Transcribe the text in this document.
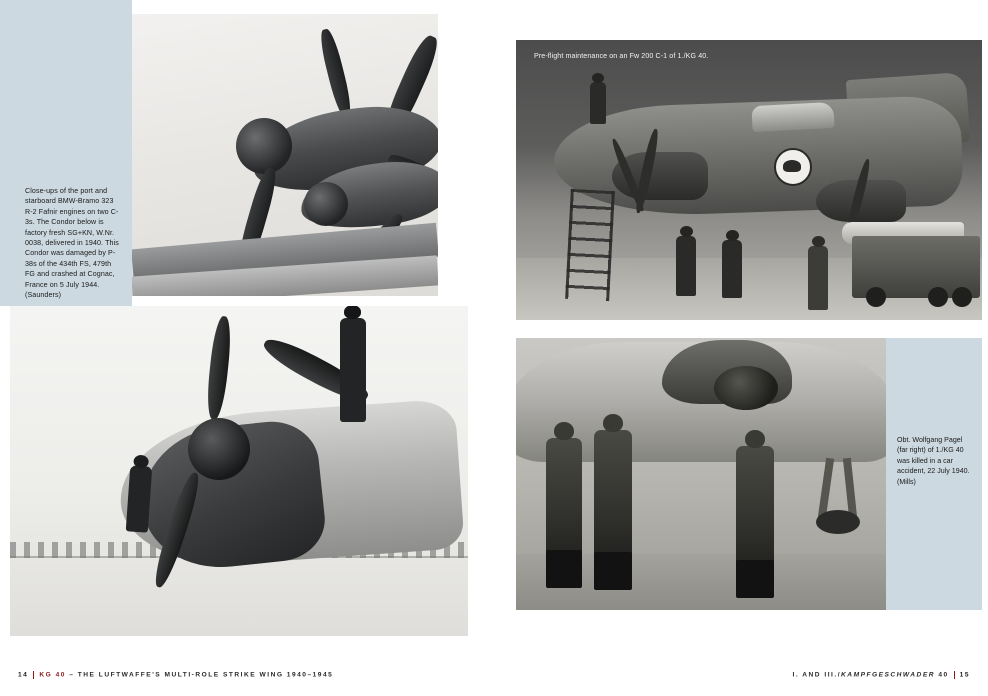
Close-ups of the port and starboard BMW-Bramo 323 R-2 Fafnir engines on two C-3s. The Condor below is factory fresh SG+KN, W.Nr. 0038, delivered in 1940. This Condor was damaged by P-38s of the 434th FS, 479th FG and crashed at Cognac, France on 5 July 1944. (Saunders)
14 KG 40 – THE LUFTWAFFE'S MULTI-ROLE STRIKE WING 1940–1945
Obt. Wolfgang Pagel (far right) of 1./KG 40 was killed in a car accident, 22 July 1940. (Mills)
Pre-flight maintenance on an Fw 200 C-1 of 1./KG 40.
I. AND III./KAMPFGESCHWADER 40 15
